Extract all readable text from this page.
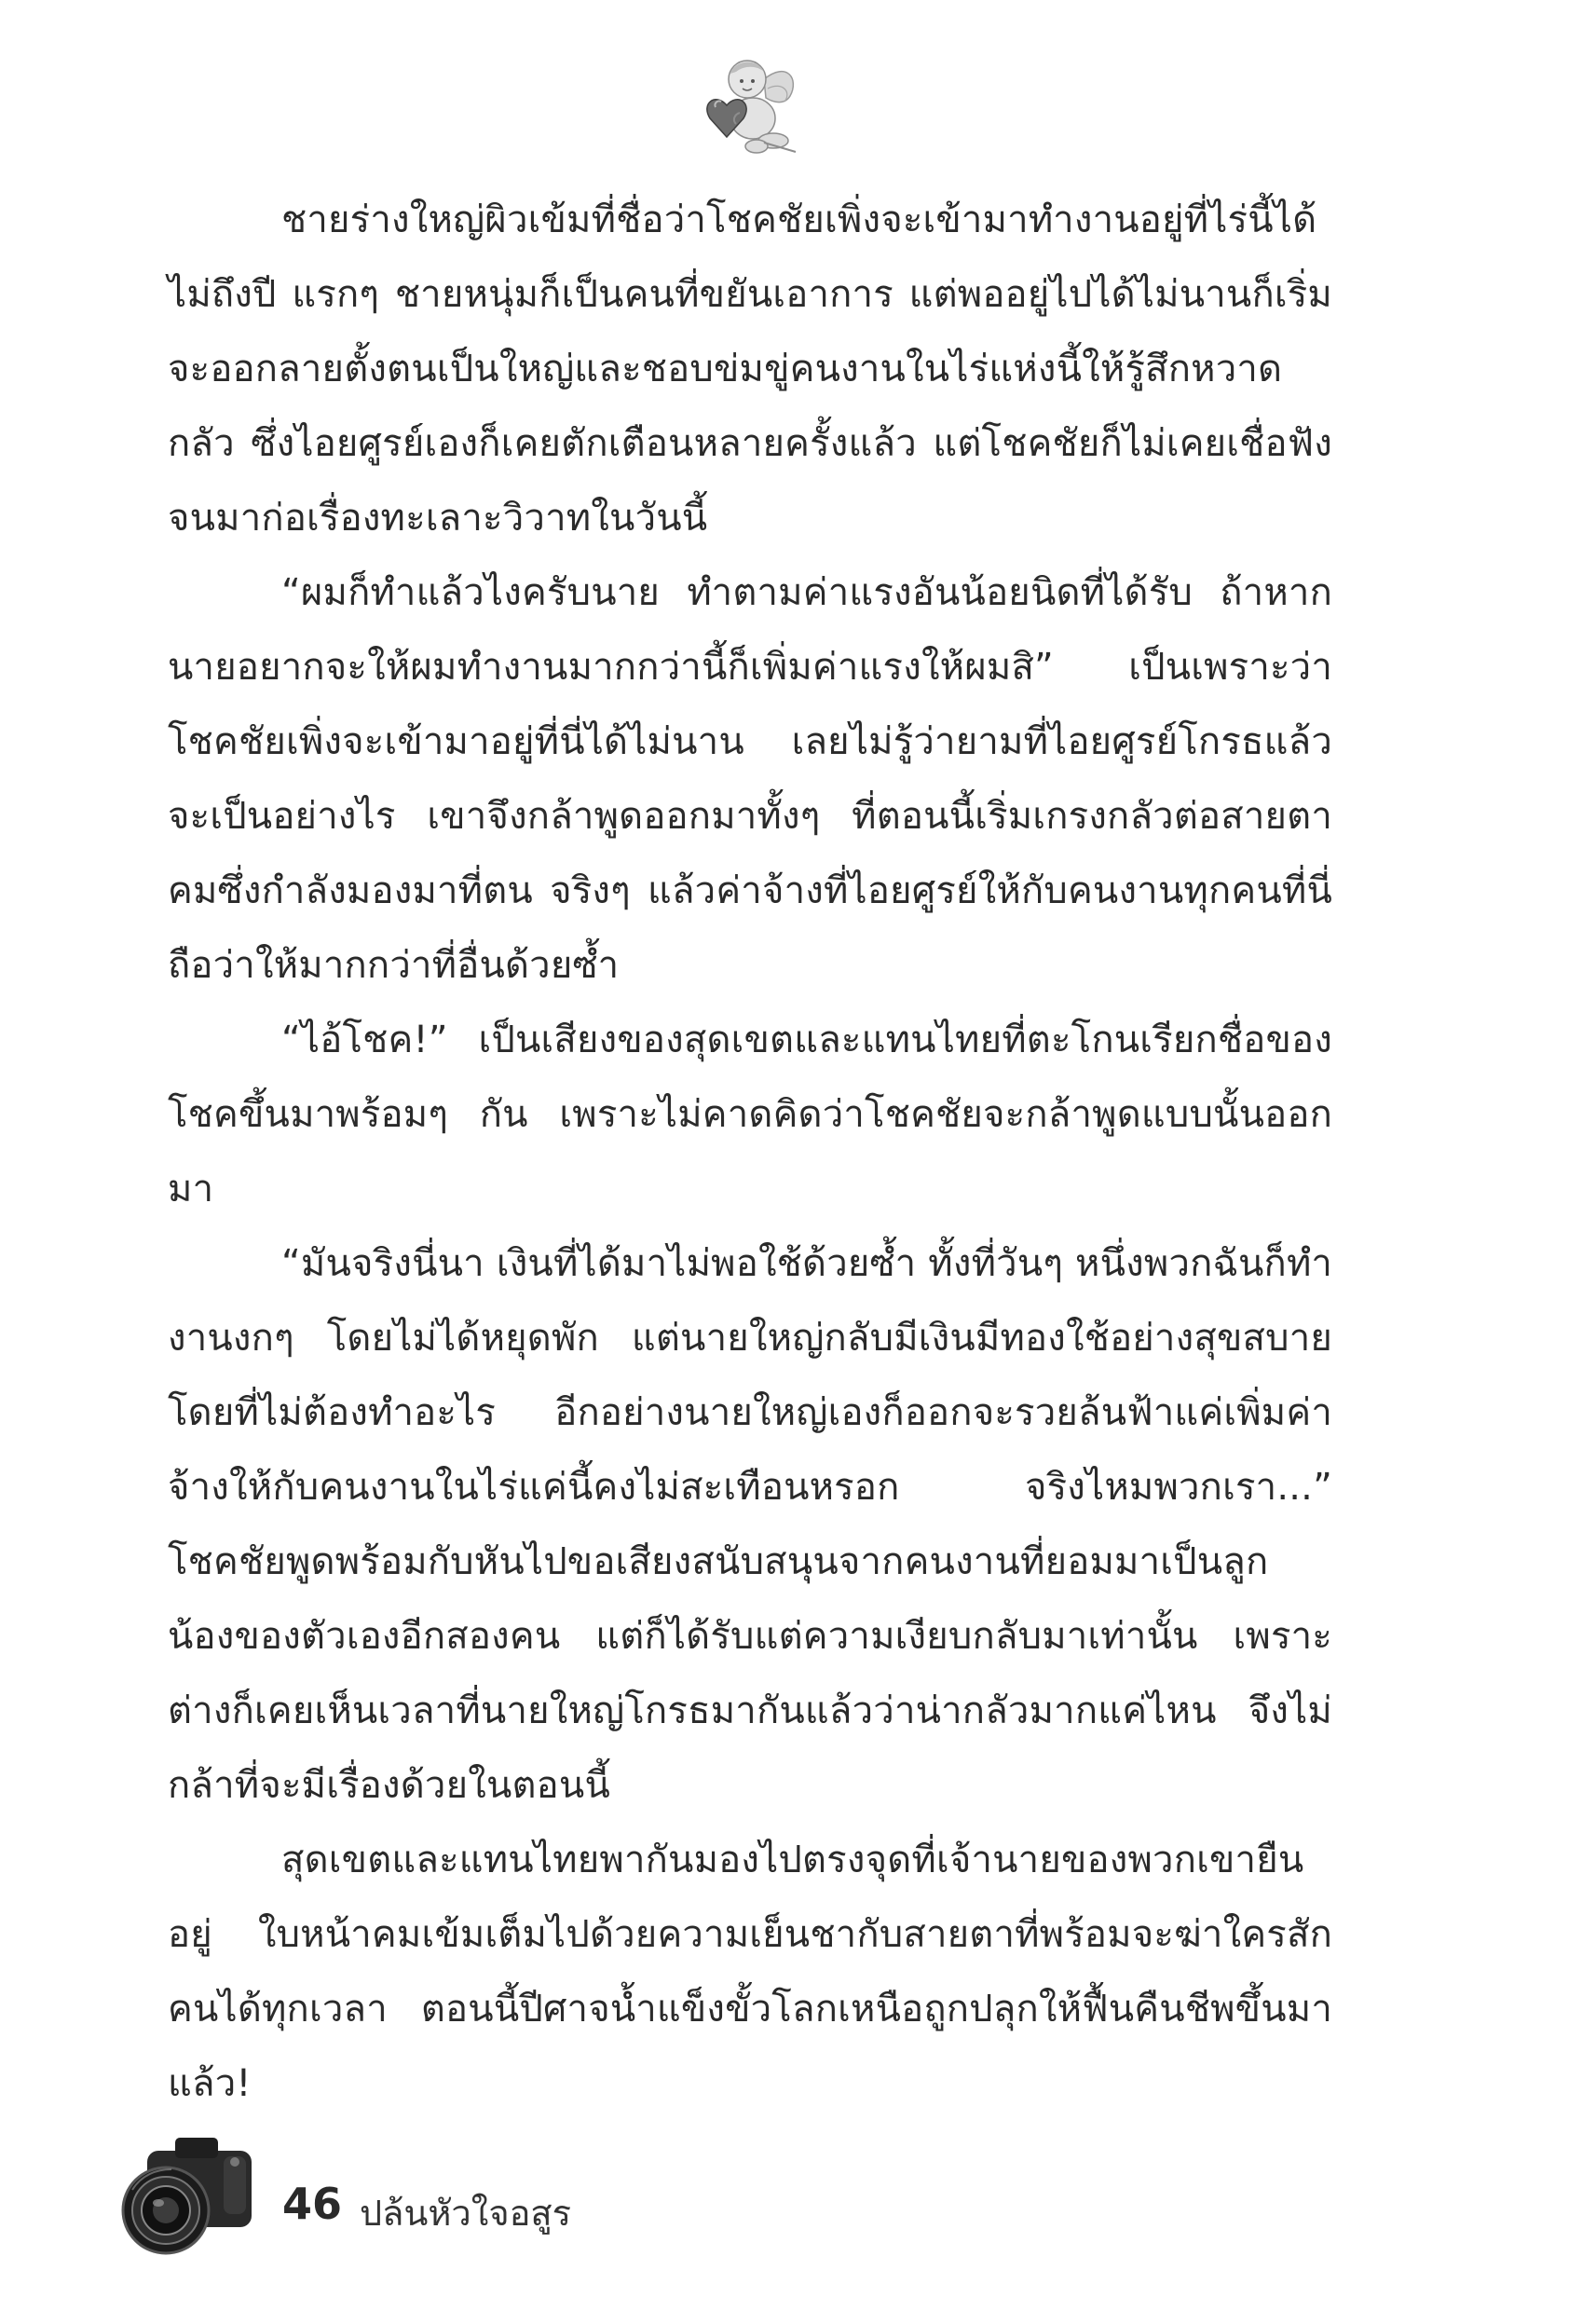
ชายร่างใหญ่ผิวเข้มที่ชื่อว่าโชคชัยเพิ่งจะเข้ามาทำงานอยู่ที่ไร่นี้ได้ไม่ถึงปี แรกๆ ชายหนุ่มก็เป็นคนที่ขยันเอาการ แต่พออยู่ไปได้ไม่นานก็เริ่มจะออกลายตั้งตนเป็นใหญ่และชอบข่มขู่คนงานในไร่แห่งนี้ให้รู้สึกหวาดกลัว ซึ่งไอยศูรย์เองก็เคยตักเตือนหลายครั้งแล้ว แต่โชคชัยก็ไม่เคยเชื่อฟังจนมาก่อเรื่องทะเลาะวิวาทในวันนี้

“ผมก็ทำแล้วไงครับนาย ทำตามค่าแรงอันน้อยนิดที่ได้รับ ถ้าหากนายอยากจะให้ผมทำงานมากกว่านี้ก็เพิ่มค่าแรงให้ผมสิ” เป็นเพราะว่าโชคชัยเพิ่งจะเข้ามาอยู่ที่นี่ได้ไม่นาน เลยไม่รู้ว่ายามที่ไอยศูรย์โกรธแล้วจะเป็นอย่างไร เขาจึงกล้าพูดออกมาทั้งๆ ที่ตอนนี้เริ่มเกรงกลัวต่อสายตาคมซึ่งกำลังมองมาที่ตน จริงๆ แล้วค่าจ้างที่ไอยศูรย์ให้กับคนงานทุกคนที่นี่ถือว่าให้มากกว่าที่อื่นด้วยซ้ำ

“ไอ้โชค!” เป็นเสียงของสุดเขตและแทนไทยที่ตะโกนเรียกชื่อของโชคขึ้นมาพร้อมๆ กัน เพราะไม่คาดคิดว่าโชคชัยจะกล้าพูดแบบนั้นออกมา

“มันจริงนี่นา เงินที่ได้มาไม่พอใช้ด้วยซ้ำ ทั้งที่วันๆ หนึ่งพวกฉันก็ทำงานงกๆ โดยไม่ได้หยุดพัก แต่นายใหญ่กลับมีเงินมีทองใช้อย่างสุขสบายโดยที่ไม่ต้องทำอะไร อีกอย่างนายใหญ่เองก็ออกจะรวยล้นฟ้าแค่เพิ่มค่าจ้างให้กับคนงานในไร่แค่นี้คงไม่สะเทือนหรอก จริงไหมพวกเรา...” โชคชัยพูดพร้อมกับหันไปขอเสียงสนับสนุนจากคนงานที่ยอมมาเป็นลูกน้องของตัวเองอีกสองคน แต่ก็ได้รับแต่ความเงียบกลับมาเท่านั้น เพราะต่างก็เคยเห็นเวลาที่นายใหญ่โกรธมากันแล้วว่าน่ากลัวมากแค่ไหน จึงไม่กล้าที่จะมีเรื่องด้วยในตอนนี้

สุดเขตและแทนไทยพากันมองไปตรงจุดที่เจ้านายของพวกเขายืนอยู่ ใบหน้าคมเข้มเต็มไปด้วยความเย็นชากับสายตาที่พร้อมจะฆ่าใครสักคนได้ทุกเวลา ตอนนี้ปีศาจน้ำแข็งขั้วโลกเหนือถูกปลุกให้ฟื้นคืนชีพขึ้นมาแล้ว!

46 ปล้นหัวใจอสูร
